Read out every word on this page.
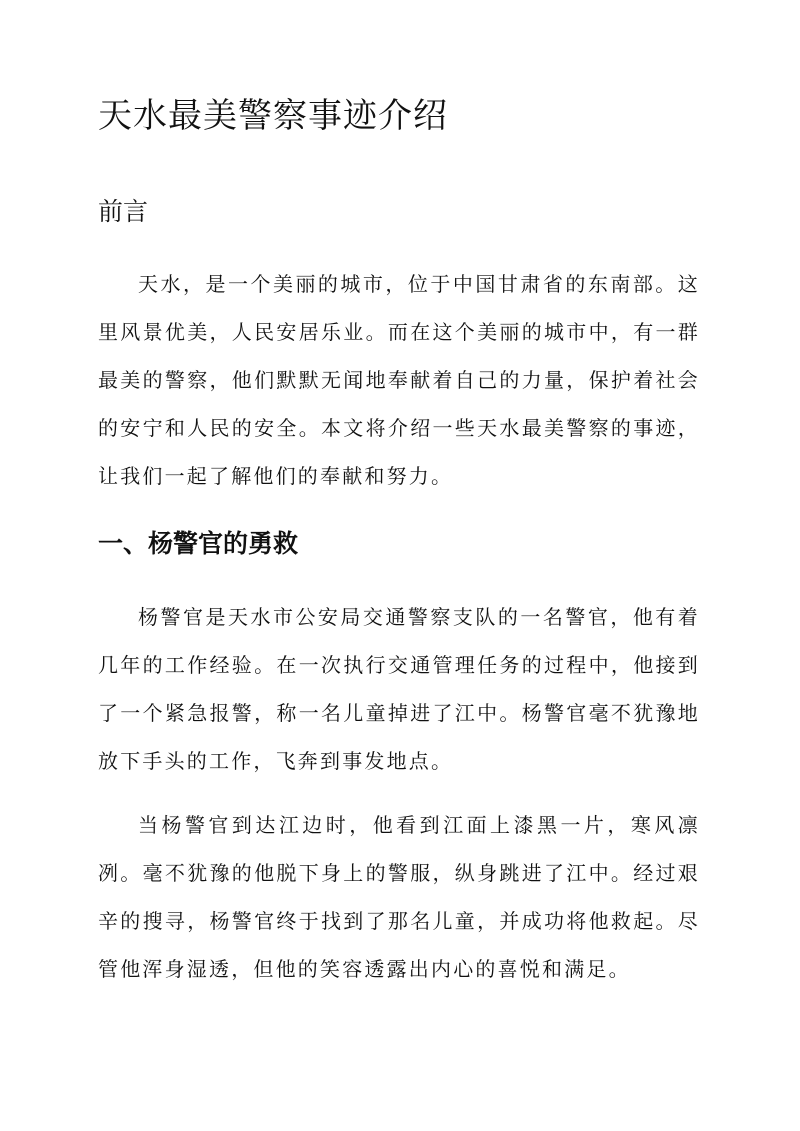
天水最美警察事迹介绍
前言

天水，是一个美丽的城市，位于中国甘肃省的东南部。这里风景优美，人民安居乐业。而在这个美丽的城市中，有一群最美的警察，他们默默无闻地奉献着自己的力量，保护着社会的安宁和人民的安全。本文将介绍一些天水最美警察的事迹，让我们一起了解他们的奉献和努力。

一、杨警官的勇救

杨警官是天水市公安局交通警察支队的一名警官，他有着几年的工作经验。在一次执行交通管理任务的过程中，他接到了一个紧急报警，称一名儿童掉进了江中。杨警官毫不犹豫地放下手头的工作，飞奔到事发地点。

当杨警官到达江边时，他看到江面上漆黑一片，寒风凛冽。毫不犹豫的他脱下身上的警服，纵身跳进了江中。经过艰辛的搜寻，杨警官终于找到了那名儿童，并成功将他救起。尽管他浑身湿透，但他的笑容透露出内心的喜悦和满足。
